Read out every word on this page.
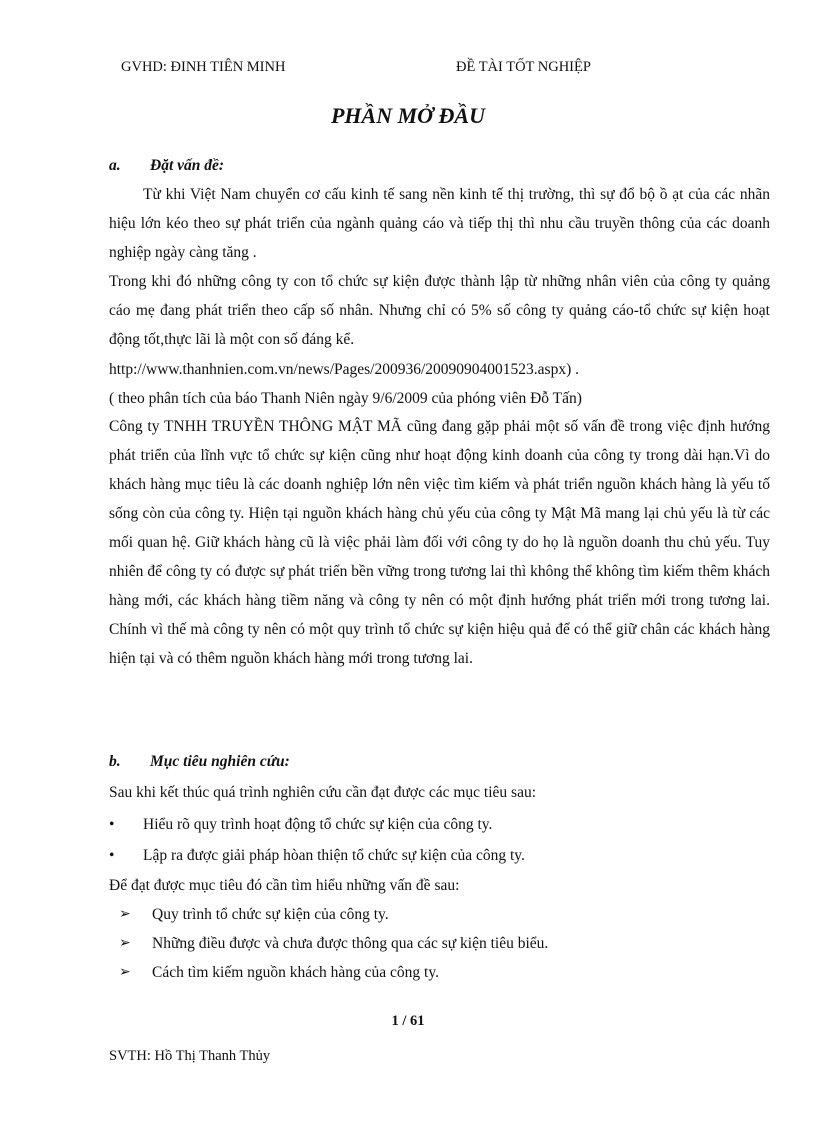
GVHD: ĐINH TIÊN MINH	ĐỀ TÀI TỐT NGHIỆP
PHẦN MỞ ĐẦU
a. Đặt vấn đề:

Từ khi Việt Nam chuyển cơ cấu kinh tế sang nền kinh tế thị trường, thì sự đổ bộ ồ ạt của các nhãn hiệu lớn kéo theo sự phát triển của ngành quảng cáo và tiếp thị thì nhu cầu truyền thông của các doanh nghiệp ngày càng tăng .

Trong khi đó những công ty con tổ chức sự kiện được thành lập từ những nhân viên của công ty quảng cáo mẹ đang phát triển theo cấp số nhân. Nhưng chỉ có 5% số công ty quảng cáo-tổ chức sự kiện hoạt động tốt,thực lãi là một con số đáng kể.

http://www.thanhnien.com.vn/news/Pages/200936/20090904001523.aspx) .
( theo phân tích của báo Thanh Niên ngày 9/6/2009 của phóng viên Đỗ Tấn)

Công ty TNHH TRUYỀN THÔNG MẬT MÃ cũng đang gặp phải một số vấn đề trong việc định hướng phát triển của lĩnh vực tổ chức sự kiện cũng như hoạt động kinh doanh của công ty trong dài hạn.Vì do khách hàng mục tiêu là các doanh nghiệp lớn nên việc tìm kiếm và phát triển nguồn khách hàng là yếu tố sống còn của công ty. Hiện tại nguồn khách hàng chủ yếu của công ty Mật Mã mang lại chủ yếu là từ các mối quan hệ. Giữ khách hàng cũ là việc phải làm đối với công ty do họ là nguồn doanh thu chủ yếu. Tuy nhiên để công ty có được sự phát triển bền vững trong tương lai thì không thể không tìm kiếm thêm khách hàng mới, các khách hàng tiềm năng và công ty nên có một định hướng phát triển mới trong tương lai. Chính vì thế mà công ty nên có một quy trình tổ chức sự kiện hiệu quả để có thể giữ chân các khách hàng hiện tại và có thêm nguồn khách hàng mới trong tương lai.

b. Mục tiêu nghiên cứu:
Sau khi kết thúc quá trình nghiên cứu cần đạt được các mục tiêu sau:
• Hiểu rõ quy trình hoạt động tổ chức sự kiện của công ty.
• Lập ra được giải pháp hòan thiện tổ chức sự kiện của công ty.
Để đạt được mục tiêu đó cần tìm hiểu những vấn đề sau:
➢ Quy trình tổ chức sự kiện của công ty.
➢ Những điều được và chưa được thông qua các sự kiện tiêu biểu.
➢ Cách tìm kiếm nguồn khách hàng của công ty.
1 / 61
SVTH: Hồ Thị Thanh Thủy
